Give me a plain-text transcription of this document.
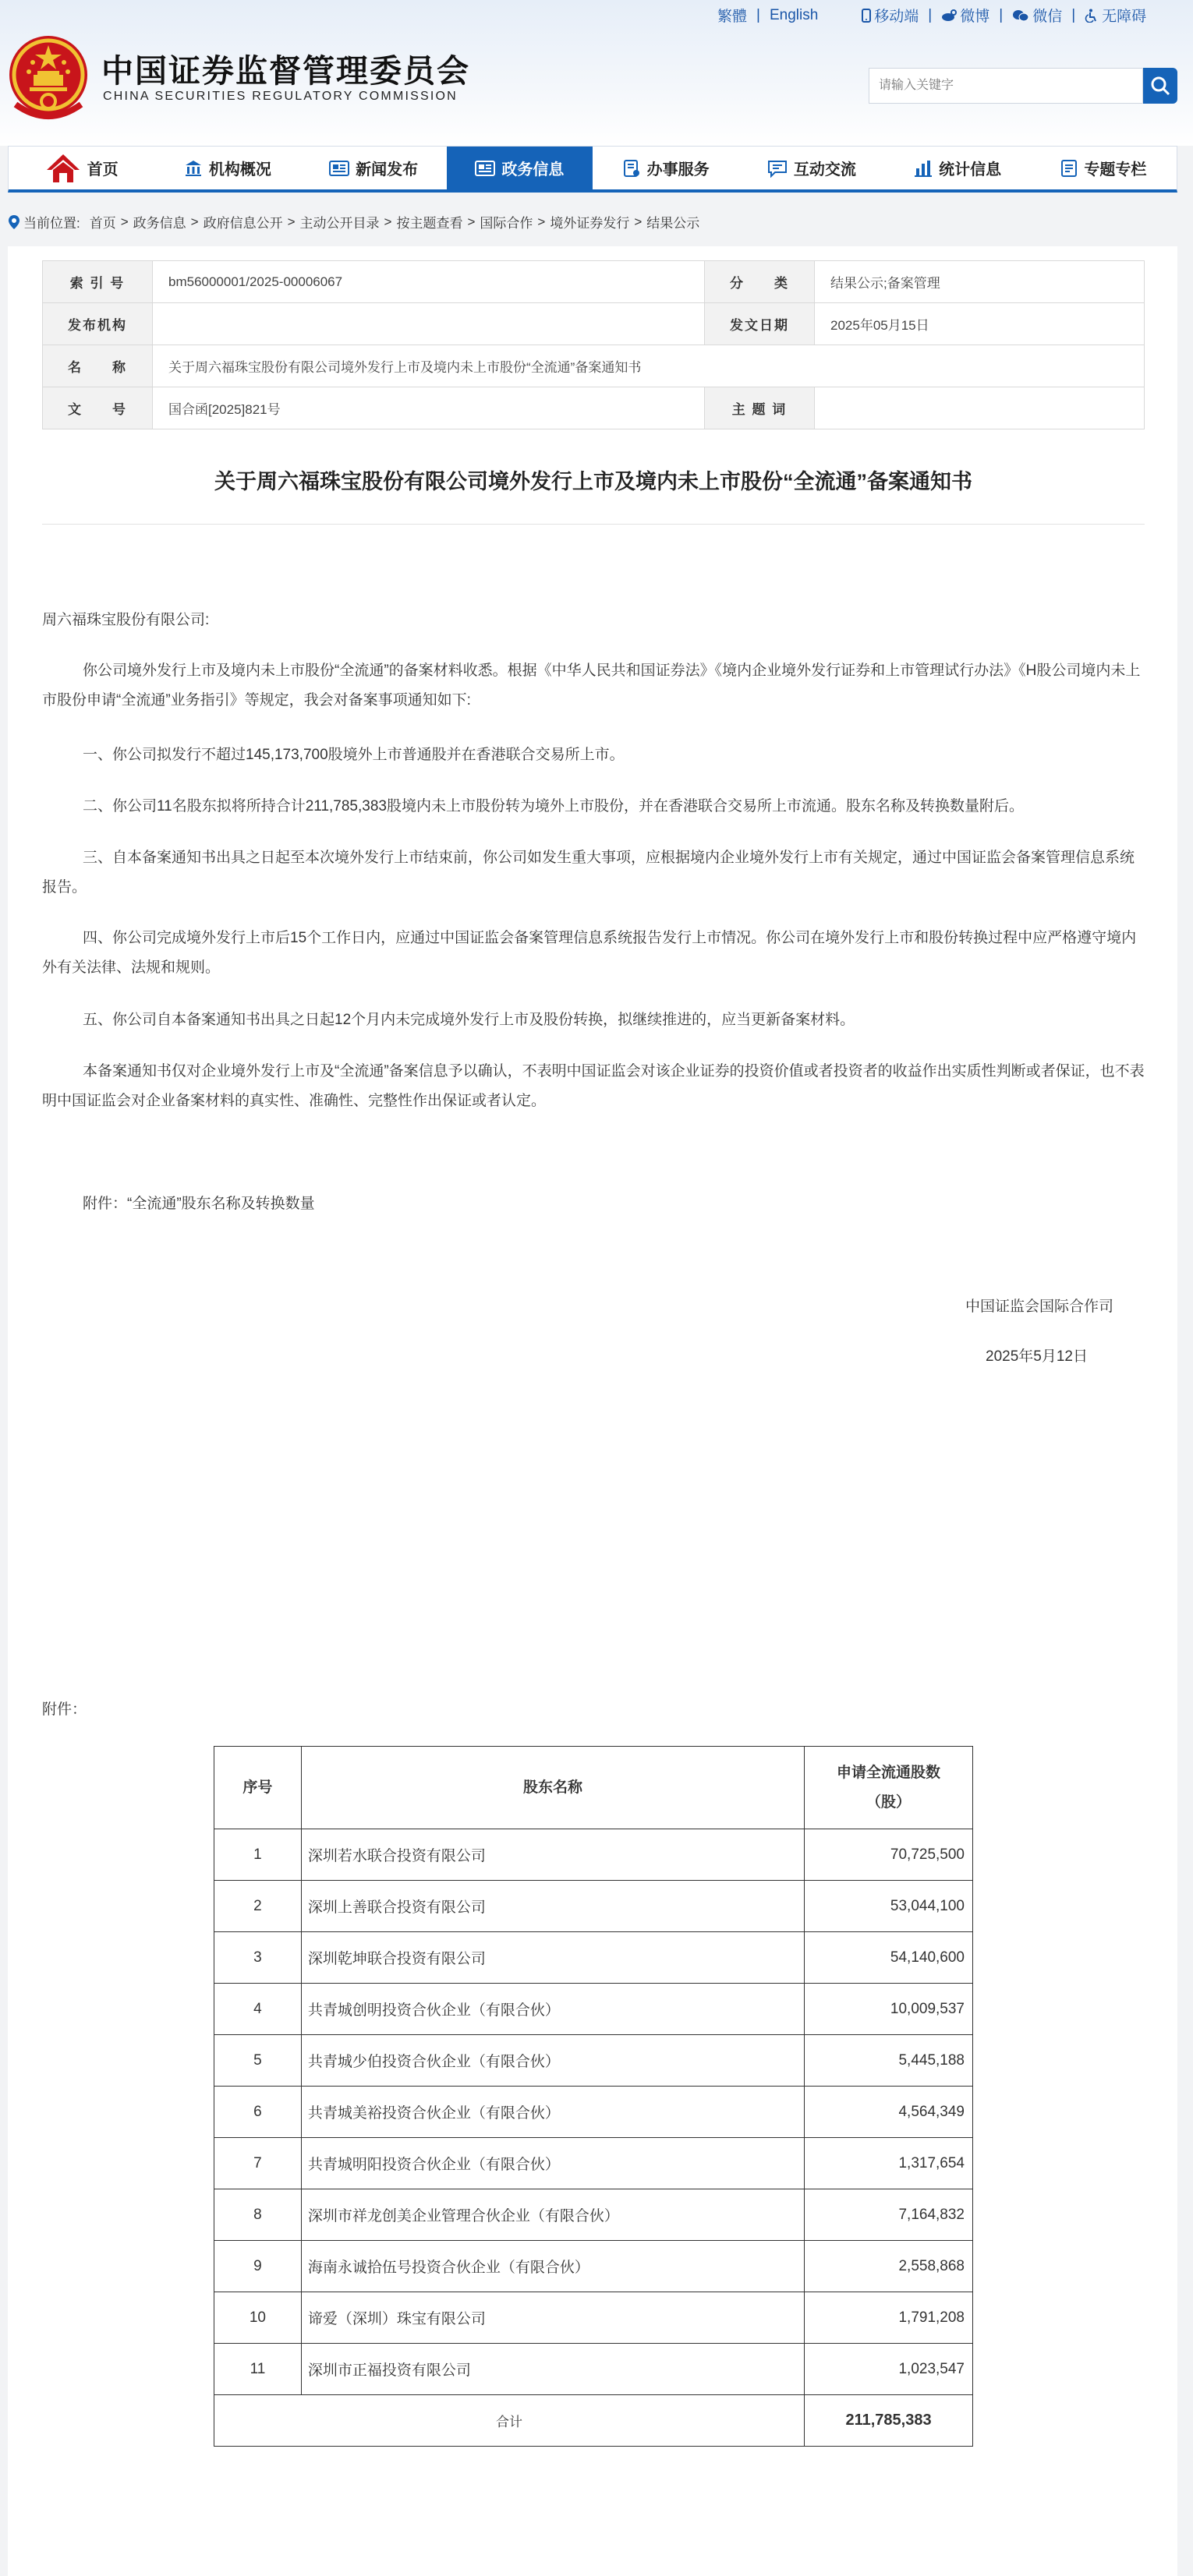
繁體 | English	移动端 | 微博 | 微信 | 无障碍
中国证券监督管理委员会
CHINA SECURITIES REGULATORY COMMISSION
请输入关键字
首页	机构概况	新闻发布	政务信息	办事服务	互动交流	统计信息	专题专栏
当前位置: 首页 > 政务信息 > 政府信息公开 > 主动公开目录 > 按主题查看 > 国际合作 > 境外证券发行 > 结果公示
索 引 号	bm56000001/2025-00006067	分　　类	结果公示;备案管理
发布机构		发文日期	2025年05月15日
名　　称	关于周六福珠宝股份有限公司境外发行上市及境内未上市股份“全流通”备案通知书		
文　　号	国合函[2025]821号	主 题 词	
关于周六福珠宝股份有限公司境外发行上市及境内未上市股份“全流通”备案通知书
周六福珠宝股份有限公司:
你公司境外发行上市及境内未上市股份“全流通”的备案材料收悉。根据《中华人民共和国证券法》《境内企业境外发行证券和上市管理试行办法》《H股公司境内未上市股份申请“全流通”业务指引》等规定，我会对备案事项通知如下:
一、你公司拟发行不超过145,173,700股境外上市普通股并在香港联合交易所上市。
二、你公司11名股东拟将所持合计211,785,383股境内未上市股份转为境外上市股份，并在香港联合交易所上市流通。股东名称及转换数量附后。
三、自本备案通知书出具之日起至本次境外发行上市结束前，你公司如发生重大事项，应根据境内企业境外发行上市有关规定，通过中国证监会备案管理信息系统报告。
四、你公司完成境外发行上市后15个工作日内，应通过中国证监会备案管理信息系统报告发行上市情况。你公司在境外发行上市和股份转换过程中应严格遵守境内外有关法律、法规和规则。
五、你公司自本备案通知书出具之日起12个月内未完成境外发行上市及股份转换，拟继续推进的，应当更新备案材料。
本备案通知书仅对企业境外发行上市及“全流通”备案信息予以确认，不表明中国证监会对该企业证券的投资价值或者投资者的收益作出实质性判断或者保证，也不表明中国证监会对企业备案材料的真实性、准确性、完整性作出保证或者认定。
附件：“全流通”股东名称及转换数量
中国证监会国际合作司
2025年5月12日
附件：
序号	股东名称	申请全流通股数
（股）
1	深圳若水联合投资有限公司	70,725,500
2	深圳上善联合投资有限公司	53,044,100
3	深圳乾坤联合投资有限公司	54,140,600
4	共青城创明投资合伙企业（有限合伙）	10,009,537
5	共青城少伯投资合伙企业（有限合伙）	5,445,188
6	共青城美裕投资合伙企业（有限合伙）	4,564,349
7	共青城明阳投资合伙企业（有限合伙）	1,317,654
8	深圳市祥龙创美企业管理合伙企业（有限合伙）	7,164,832
9	海南永诚拾伍号投资合伙企业（有限合伙）	2,558,868
10	谛爱（深圳）珠宝有限公司	1,791,208
11	深圳市正福投资有限公司	1,023,547
合计		211,785,383
